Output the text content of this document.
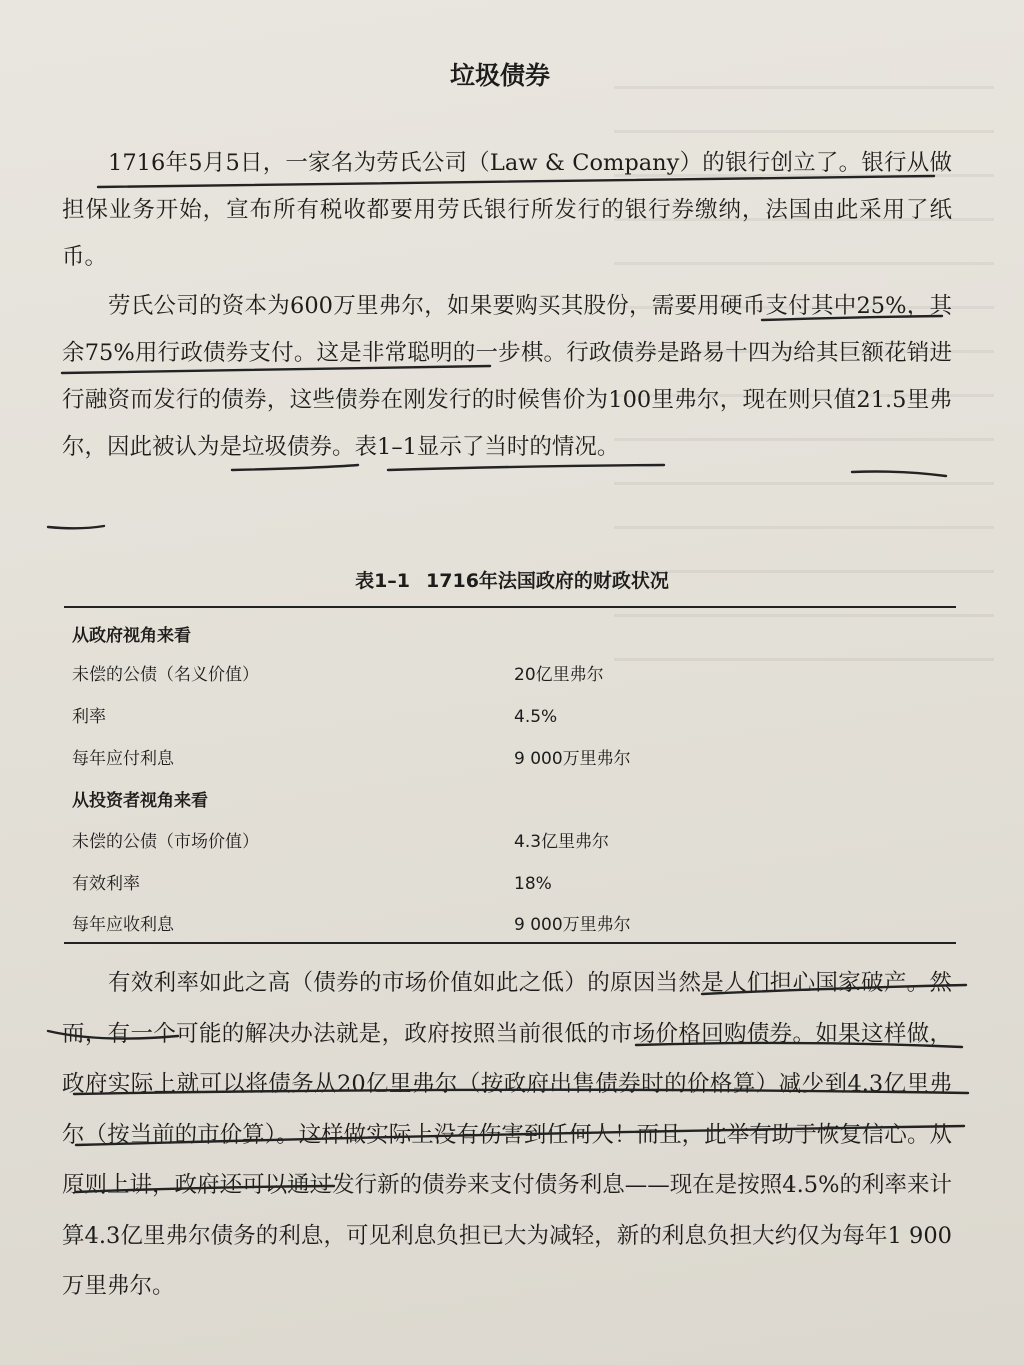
垃圾债券

1716年5月5日，一家名为劳氏公司（Law & Company）的银行创立了。银行从做担保业务开始，宣布所有税收都要用劳氏银行所发行的银行券缴纳，法国由此采用了纸币。

劳氏公司的资本为600万里弗尔，如果要购买其股份，需要用硬币支付其中25%，其余75%用行政债券支付。这是非常聪明的一步棋。行政债券是路易十四为给其巨额花销进行融资而发行的债券，这些债券在刚发行的时候售价为100里弗尔，现在则只值21.5里弗尔，因此被认为是垃圾债券。表1–1显示了当时的情况。

表1–1 1716年法国政府的财政状况
从政府视角来看
未偿的公债（名义价值）	20亿里弗尔
利率	4.5%
每年应付利息	9 000万里弗尔
从投资者视角来看
未偿的公债（市场价值）	4.3亿里弗尔
有效利率	18%
每年应收利息	9 000万里弗尔

有效利率如此之高（债券的市场价值如此之低）的原因当然是人们担心国家破产。然而，有一个可能的解决办法就是，政府按照当前很低的市场价格回购债券。如果这样做，政府实际上就可以将债务从20亿里弗尔（按政府出售债券时的价格算）减少到4.3亿里弗尔（按当前的市价算）。这样做实际上没有伤害到任何人！而且，此举有助于恢复信心。从原则上讲，政府还可以通过发行新的债券来支付债务利息——现在是按照4.5%的利率来计算4.3亿里弗尔债务的利息，可见利息负担已大为减轻，新的利息负担大约仅为每年1 900万里弗尔。
